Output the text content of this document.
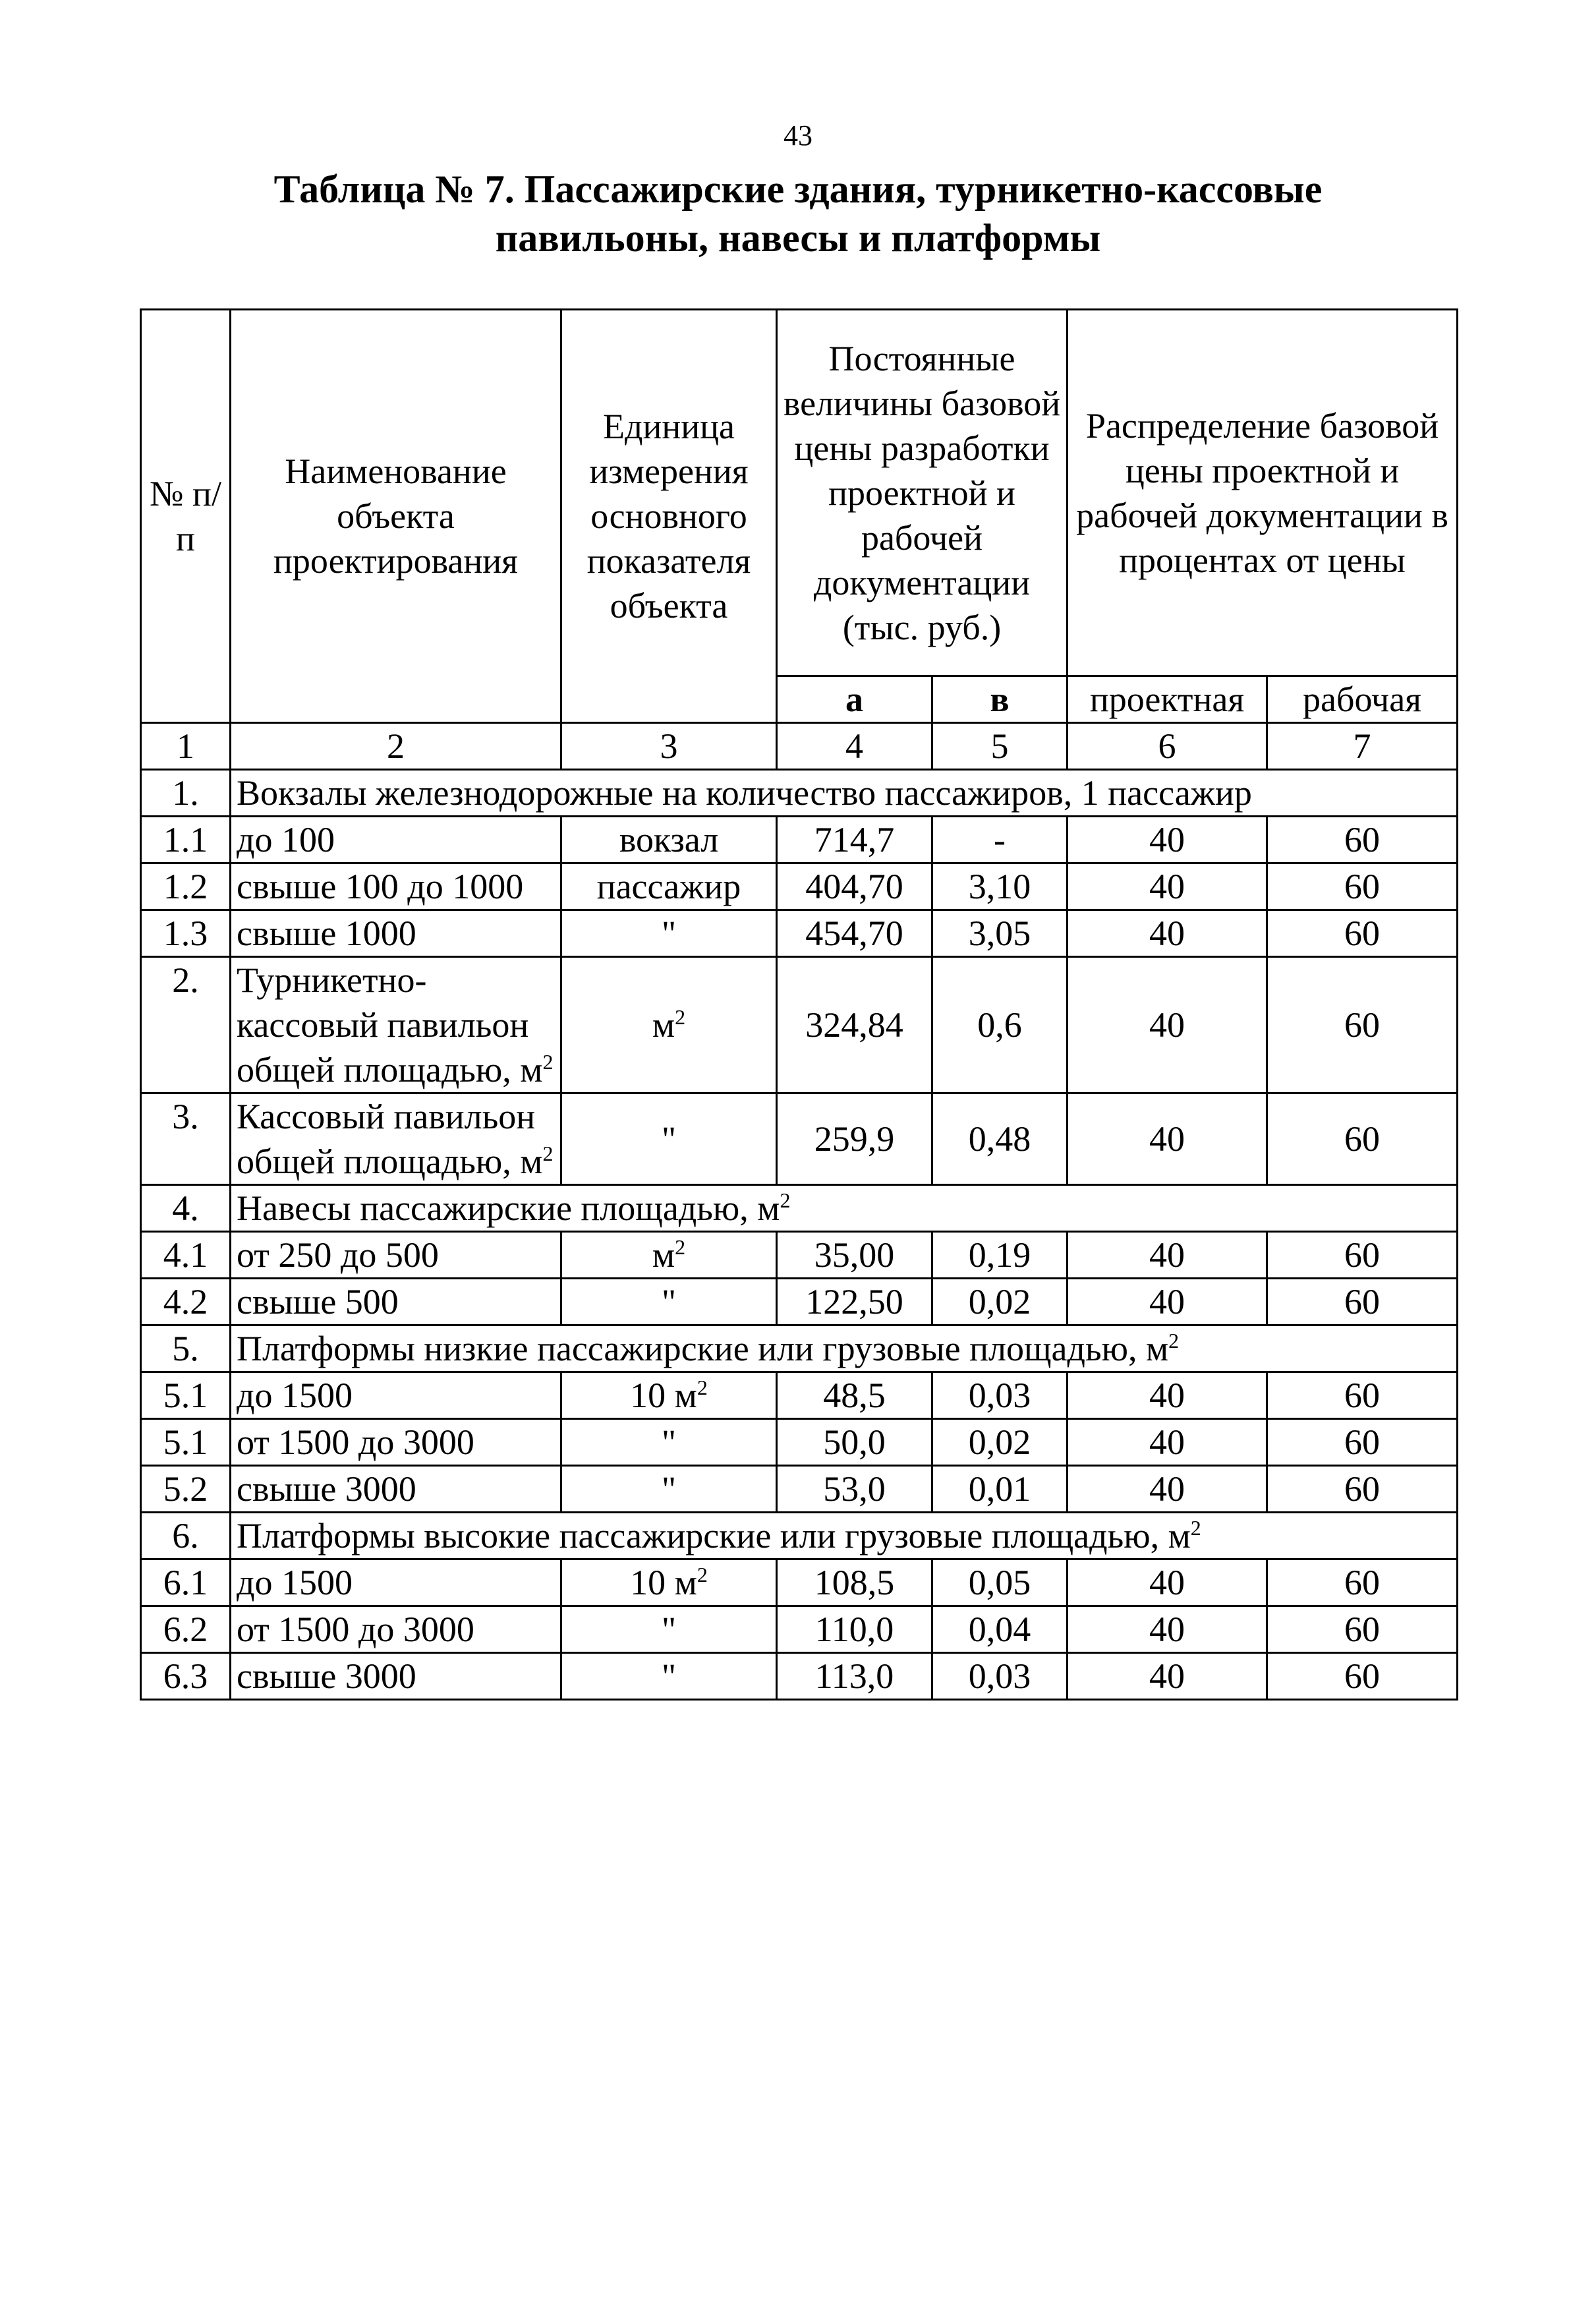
43
Таблица № 7. Пассажирские здания, турникетно-кассовые
павильоны, навесы и платформы
№ п/п	Наименование объекта проектирования	Единица измерения основного показателя объекта	Постоянные величины базовой цены разработки проектной и рабочей документации (тыс. руб.)		Распределение базовой цены проектной и рабочей документации в процентах от цены	
			а	в	проектная	рабочая
1	2	3	4	5	6	7
1.	Вокзалы железнодорожные на количество пассажиров, 1 пассажир					
1.1	до 100	вокзал	714,7	-	40	60
1.2	свыше 100 до 1000	пассажир	404,70	3,10	40	60
1.3	свыше 1000	"	454,70	3,05	40	60
2.	Турникетно-кассовый павильон общей площадью, $м^2$	$м^2$	324,84	0,6	40	60
3.	Кассовый павильон общей площадью, $м^2$	"	259,9	0,48	40	60
4.	Навесы пассажирские площадью, $м^2$
4.1	от 250 до 500	$м^2$	35,00	0,19	40	60
4.2	свыше 500	"	122,50	0,02	40	60
5.	Платформы низкие пассажирские или грузовые площадью, $м^2$
5.1	до 1500	10 $м^2$	48,5	0,03	40	60
5.1	от 1500 до 3000	"	50,0	0,02	40	60
5.2	свыше 3000	"	53,0	0,01	40	60
6.	Платформы высокие пассажирские или грузовые площадью, $м^2$
6.1	до 1500	10 $м^2$	108,5	0,05	40	60
6.2	от 1500 до 3000	"	110,0	0,04	40	60
6.3	свыше 3000	"	113,0	0,03	40	60
